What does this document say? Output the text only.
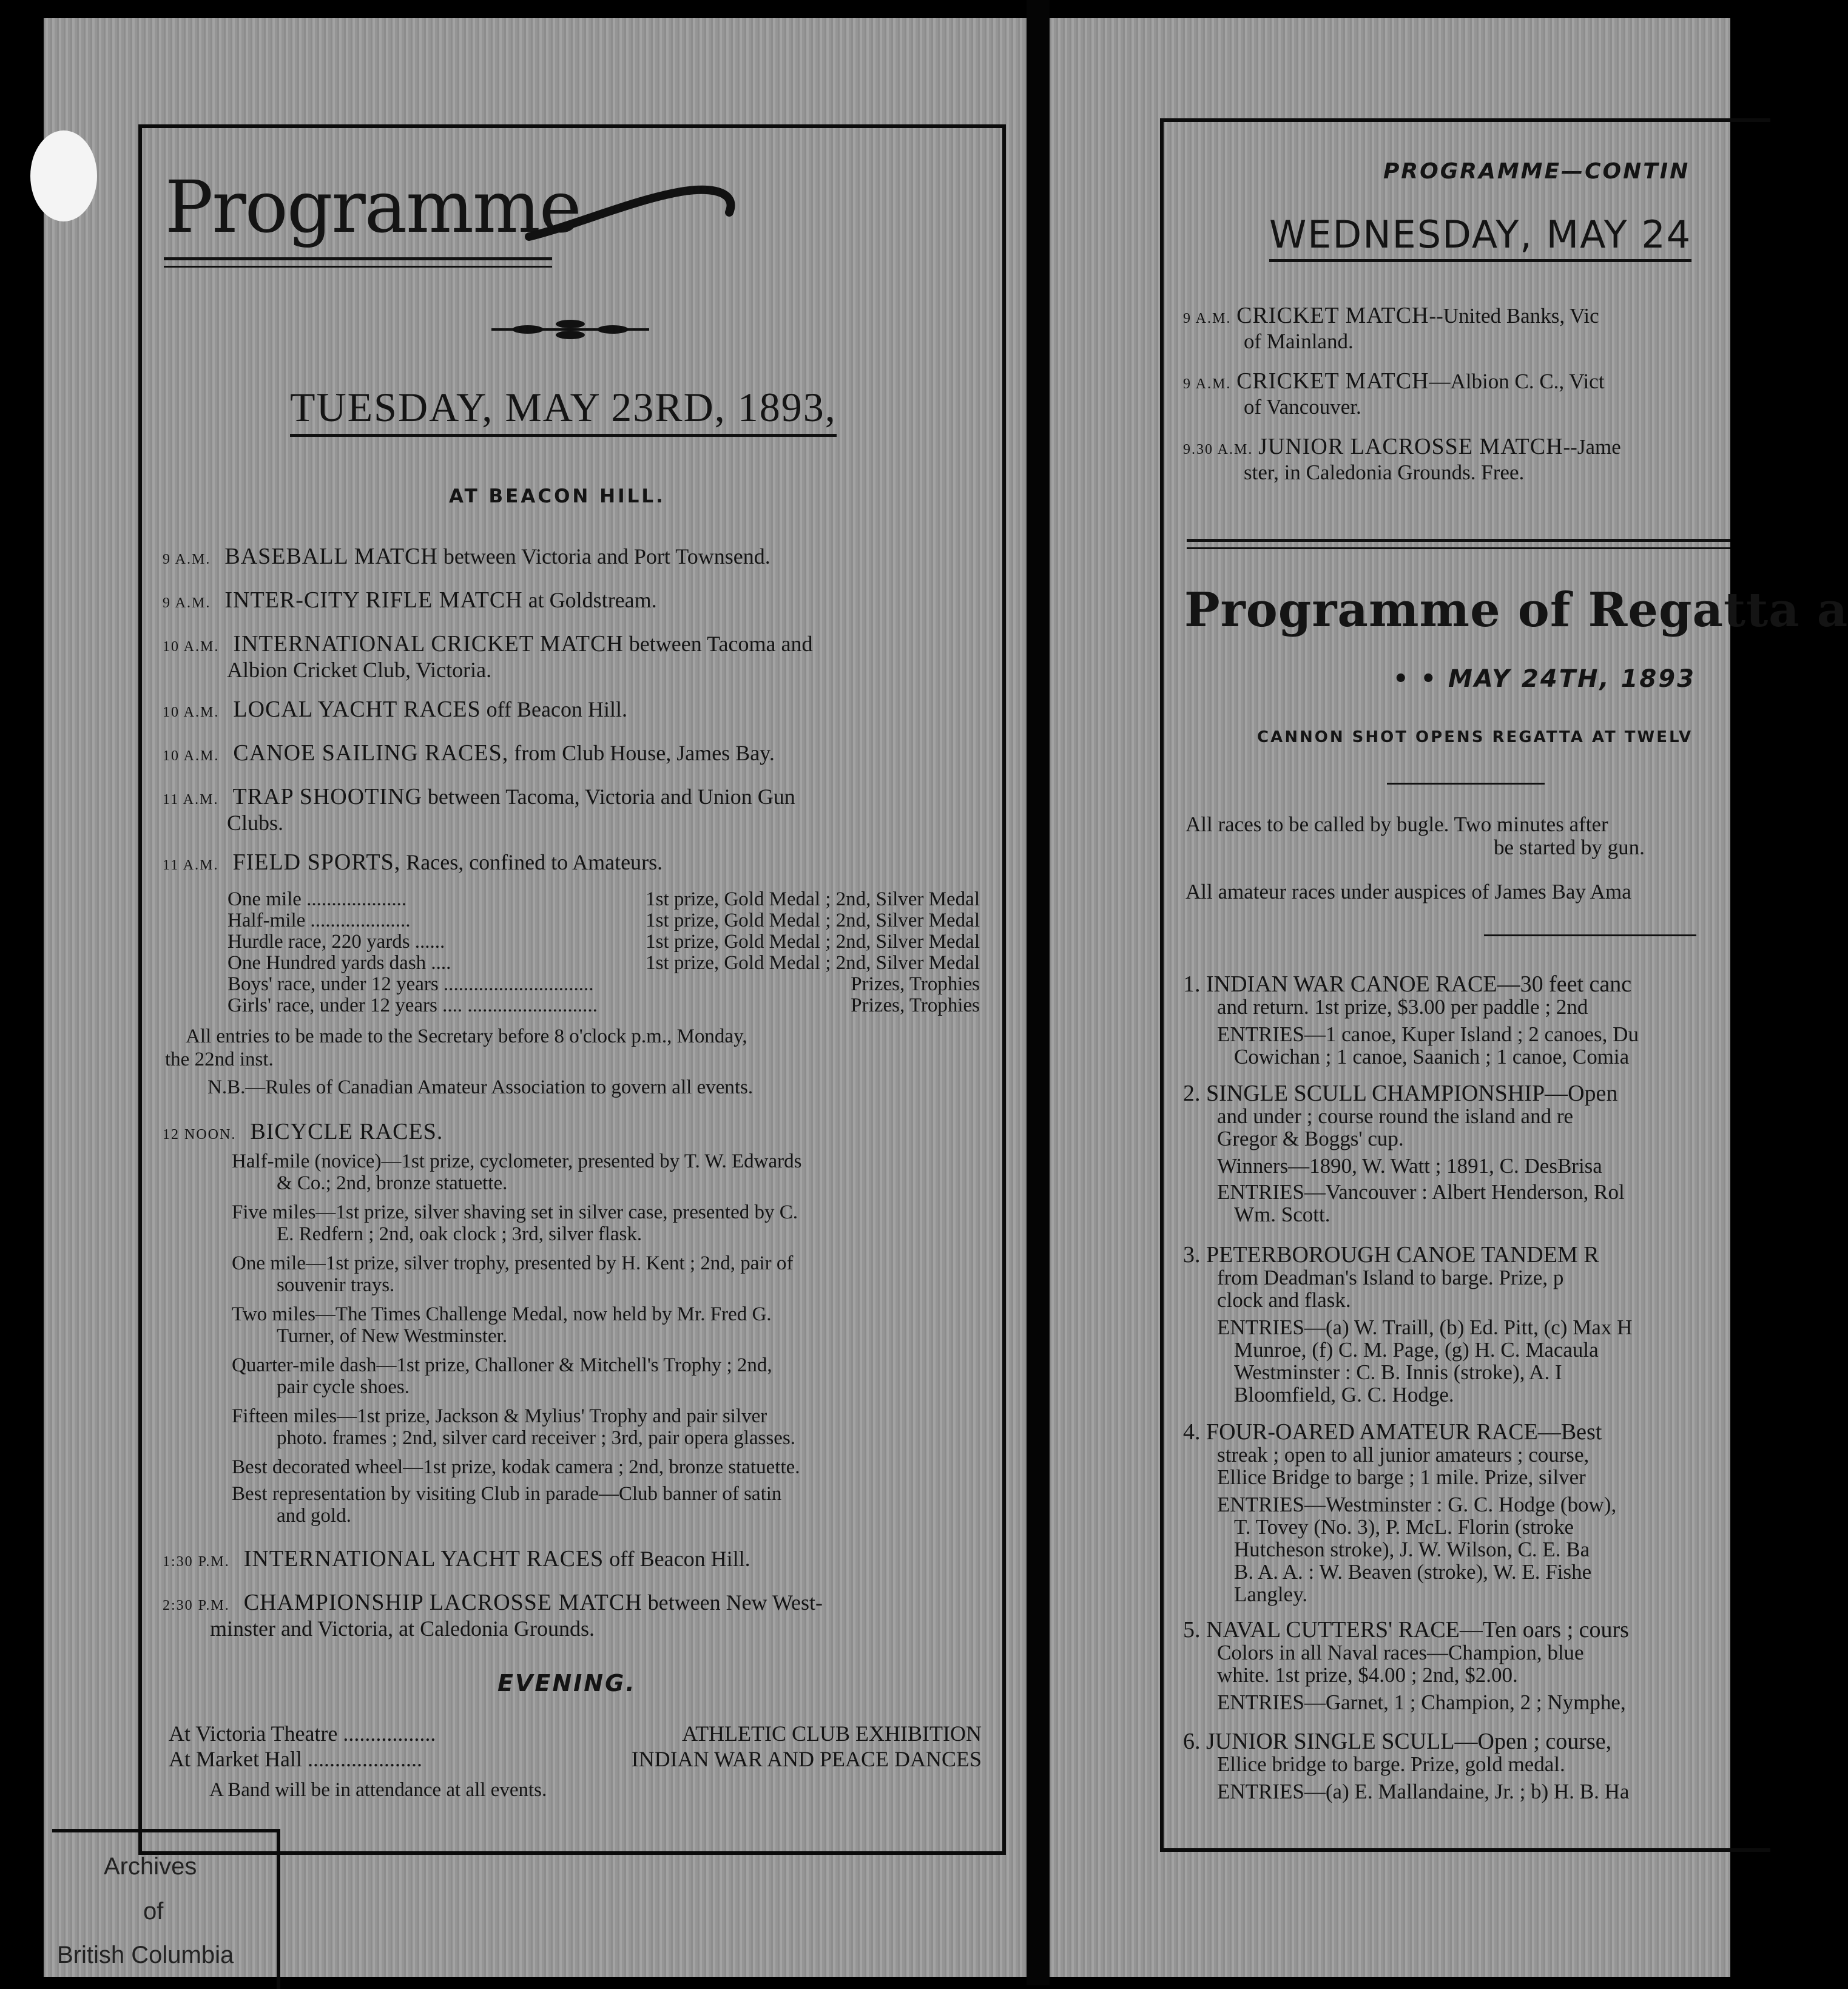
Programme
TUESDAY, MAY 23RD, 1893,
AT BEACON HILL.
9 A.M. BASEBALL MATCH between Victoria and Port Townsend.
9 A.M. INTER-CITY RIFLE MATCH at Goldstream.
10 A.M. INTERNATIONAL CRICKET MATCH between Tacoma and
Albion Cricket Club, Victoria.
10 A.M. LOCAL YACHT RACES off Beacon Hill.
10 A.M. CANOE SAILING RACES, from Club House, James Bay.
11 A.M. TRAP SHOOTING between Tacoma, Victoria and Union Gun
Clubs.
11 A.M. FIELD SPORTS, Races, confined to Amateurs.
One mile ....................	1st prize, Gold Medal ; 2nd, Silver Medal
Half-mile ....................	1st prize, Gold Medal ; 2nd, Silver Medal
Hurdle race, 220 yards ......	1st prize, Gold Medal ; 2nd, Silver Medal
One Hundred yards dash ....	1st prize, Gold Medal ; 2nd, Silver Medal
Boys' race, under 12 years ..............................	Prizes, Trophies
Girls' race, under 12 years .... ..........................	Prizes, Trophies
All entries to be made to the Secretary before 8 o'clock p.m., Monday,
the 22nd inst.
N.B.—Rules of Canadian Amateur Association to govern all events.
12 NOON. BICYCLE RACES.
Half-mile (novice)—1st prize, cyclometer, presented by T. W. Edwards
& Co.; 2nd, bronze statuette.
Five miles—1st prize, silver shaving set in silver case, presented by C.
E. Redfern ; 2nd, oak clock ; 3rd, silver flask.
One mile—1st prize, silver trophy, presented by H. Kent ; 2nd, pair of
souvenir trays.
Two miles—The Times Challenge Medal, now held by Mr. Fred G.
Turner, of New Westminster.
Quarter-mile dash—1st prize, Challoner & Mitchell's Trophy ; 2nd,
pair cycle shoes.
Fifteen miles—1st prize, Jackson & Mylius' Trophy and pair silver
photo. frames ; 2nd, silver card receiver ; 3rd, pair opera glasses.
Best decorated wheel—1st prize, kodak camera ; 2nd, bronze statuette.
Best representation by visiting Club in parade—Club banner of satin
and gold.
1:30 P.M. INTERNATIONAL YACHT RACES off Beacon Hill.
2:30 P.M. CHAMPIONSHIP LACROSSE MATCH between New West-
minster and Victoria, at Caledonia Grounds.
EVENING.
At Victoria Theatre .................	ATHLETIC CLUB EXHIBITION
At Market Hall .....................	INDIAN WAR AND PEACE DANCES
A Band will be in attendance at all events.
Archives
of
British Columbia
PROGRAMME—CONTIN
WEDNESDAY, MAY 24
9 A.M. CRICKET MATCH--United Banks, Vic
of Mainland.
9 A.M. CRICKET MATCH—Albion C. C., Vict
of Vancouver.
9.30 A.M. JUNIOR LACROSSE MATCH--Jame
ster, in Caledonia Grounds. Free.
Programme of Regatta a
• • MAY 24TH, 1893
CANNON SHOT OPENS REGATTA AT TWELV
All races to be called by bugle. Two minutes after
be started by gun.
All amateur races under auspices of James Bay Ama
1. INDIAN WAR CANOE RACE—30 feet canc
and return. 1st prize, $3.00 per paddle ; 2nd
ENTRIES—1 canoe, Kuper Island ; 2 canoes, Du
Cowichan ; 1 canoe, Saanich ; 1 canoe, Comia
2. SINGLE SCULL CHAMPIONSHIP—Open
and under ; course round the island and re
Gregor & Boggs' cup.
Winners—1890, W. Watt ; 1891, C. DesBrisa
ENTRIES—Vancouver : Albert Henderson, Rol
Wm. Scott.
3. PETERBOROUGH CANOE TANDEM R
from Deadman's Island to barge. Prize, p
clock and flask.
ENTRIES—(a) W. Traill, (b) Ed. Pitt, (c) Max H
Munroe, (f) C. M. Page, (g) H. C. Macaula
Westminster : C. B. Innis (stroke), A. I
Bloomfield, G. C. Hodge.
4. FOUR-OARED AMATEUR RACE—Best
streak ; open to all junior amateurs ; course,
Ellice Bridge to barge ; 1 mile. Prize, silver
ENTRIES—Westminster : G. C. Hodge (bow),
T. Tovey (No. 3), P. McL. Florin (stroke
Hutcheson stroke), J. W. Wilson, C. E. Ba
B. A. A. : W. Beaven (stroke), W. E. Fishe
Langley.
5. NAVAL CUTTERS' RACE—Ten oars ; cours
Colors in all Naval races—Champion, blue
white. 1st prize, $4.00 ; 2nd, $2.00.
ENTRIES—Garnet, 1 ; Champion, 2 ; Nymphe,
6. JUNIOR SINGLE SCULL—Open ; course,
Ellice bridge to barge. Prize, gold medal.
ENTRIES—(a) E. Mallandaine, Jr. ; b) H. B. Ha
